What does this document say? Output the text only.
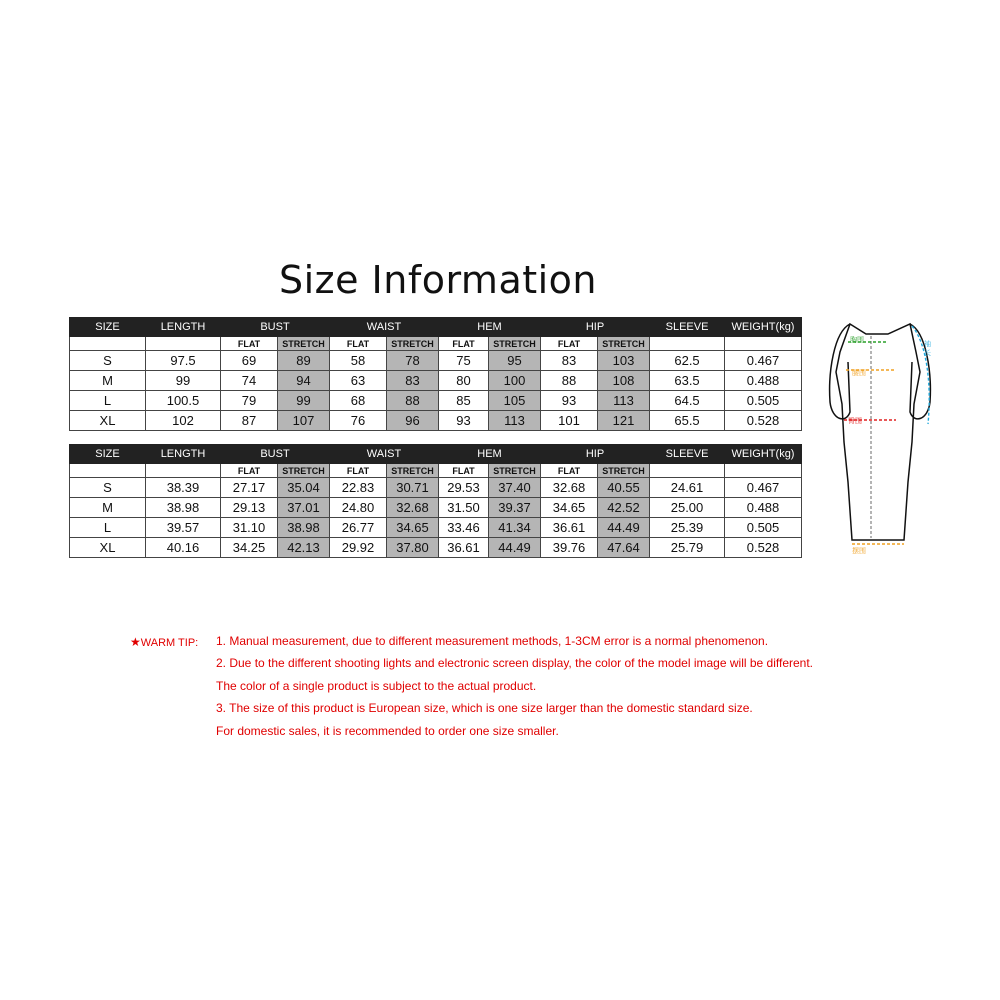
Size Information
SIZE	LENGTH	BUST		WAIST		HEM		HIP		SLEEVE	WEIGHT(kg)
		FLAT	STRETCH	FLAT	STRETCH	FLAT	STRETCH	FLAT	STRETCH		
S	97.5	69	89	58	78	75	95	83	103	62.5	0.467
M	99	74	94	63	83	80	100	88	108	63.5	0.488
L	100.5	79	99	68	88	85	105	93	113	64.5	0.505
XL	102	87	107	76	96	93	113	101	121	65.5	0.528
SIZE	LENGTH	BUST		WAIST		HEM		HIP		SLEEVE	WEIGHT(kg)
		FLAT	STRETCH	FLAT	STRETCH	FLAT	STRETCH	FLAT	STRETCH		
S	38.39	27.17	35.04	22.83	30.71	29.53	37.40	32.68	40.55	24.61	0.467
M	38.98	29.13	37.01	24.80	32.68	31.50	39.37	34.65	42.52	25.00	0.488
L	39.57	31.10	38.98	26.77	34.65	33.46	41.34	36.61	44.49	25.39	0.505
XL	40.16	34.25	42.13	29.92	37.80	36.61	44.49	39.76	47.64	25.79	0.528
胸围
腰围
臀围
摆围
袖长
★WARM TIP: 1. Manual measurement, due to different measurement methods, 1-3CM error is a normal phenomenon.
2. Due to the different shooting lights and electronic screen display, the color of the model image will be different.
The color of a single product is subject to the actual product.
3. The size of this product is European size, which is one size larger than the domestic standard size.
For domestic sales, it is recommended to order one size smaller.
